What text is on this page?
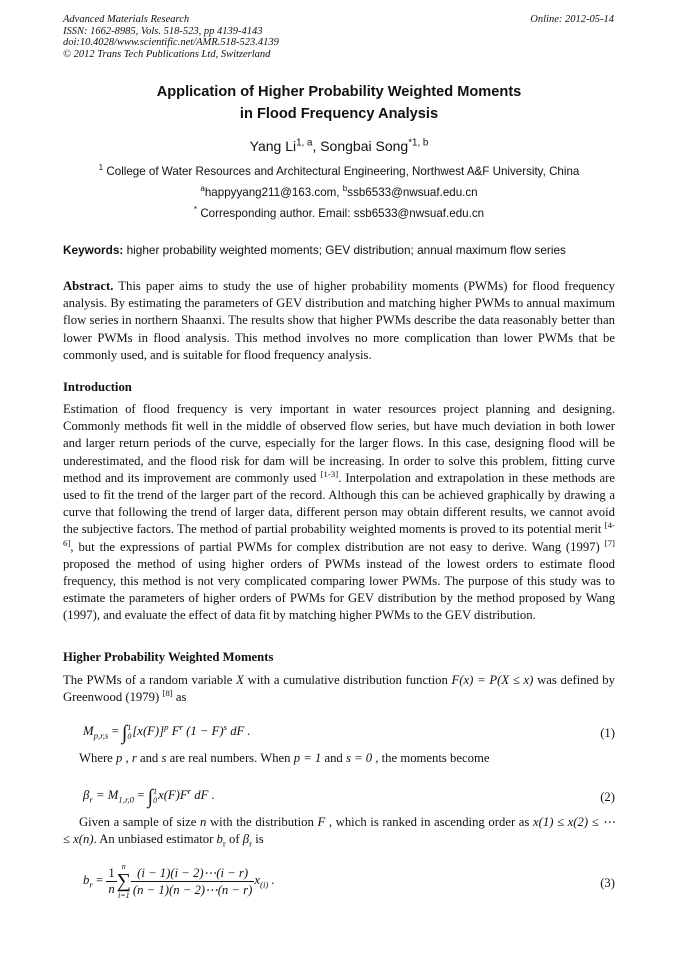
Advanced Materials Research
ISSN: 1662-8985, Vols. 518-523, pp 4139-4143
doi:10.4028/www.scientific.net/AMR.518-523.4139
© 2012 Trans Tech Publications Ltd, Switzerland
Online: 2012-05-14
Application of Higher Probability Weighted Moments
in Flood Frequency Analysis
Yang Li$^{1, a}$, Songbai Song$^{*1, b}$
$^1$ College of Water Resources and Architectural Engineering, Northwest A&F University, China
$^a$happyyang211@163.com, $^b$ssb6533@nwsuaf.edu.cn
* Corresponding author. Email: ssb6533@nwsuaf.edu.cn
Keywords: higher probability weighted moments; GEV distribution; annual maximum flow series
Abstract. This paper aims to study the use of higher probability moments (PWMs) for flood frequency analysis. By estimating the parameters of GEV distribution and matching higher PWMs to annual maximum flow series in northern Shaanxi. The results show that higher PWMs describe the data reasonably better than lower PWMs in flood analysis. This method involves no more complication than lower PWMs that be commonly used, and is suitable for flood frequency analysis.
Introduction
Estimation of flood frequency is very important in water resources project planning and designing. Commonly methods fit well in the middle of observed flow series, but have much deviation in both lower and larger return periods of the curve, especially for the larger flows. In this case, designing flood will be underestimated, and the flood risk for dam will be increasing. In order to solve this problem, fitting curve method and its improvement are commonly used [1-3]. Interpolation and extrapolation in these methods are used to fit the trend of the larger part of the record. Although this can be achieved graphically by drawing a curve that following the trend of larger data, different person may obtain different results, we cannot avoid the subjective factors. The method of partial probability weighted moments is proved to its potential merit [4-6], but the expressions of partial PWMs for complex distribution are not easy to derive. Wang (1997) [7] proposed the method of using higher orders of PWMs instead of the lowest orders to estimate flood frequency, this method is not very complicated comparing lower PWMs. The purpose of this study was to estimate the parameters of higher orders of PWMs for GEV distribution by the method proposed by Wang (1997), and evaluate the effect of data fit by matching higher PWMs to the GEV distribution.
Higher Probability Weighted Moments
The PWMs of a random variable X with a cumulative distribution function F(x) = P(X ≤ x) was defined by Greenwood (1979) [8] as
$M_{p,r,s} = \int 1$
$0[x(F)]^p$ $F^r$ $(1 - F)^s$ dF .	(1)
Where p , r and s are real numbers. When p = 1 and s = 0 , the moments become
$\beta_r = M_{1,r,0} = \int 1$
$0x(F)F^r$ dF .	(2)
Given a sample of size n with the distribution F , which is ranked in ascending order as x(1) ≤ x(2) ≤ ⋯ ≤ x(n). An unbiased estimator $b_r$ of $\beta_r$ is
$b_r = \frac{1}{n}$ n
∑
$i=1 \frac{(i - 1)(i - 2)\cdots(i - r)}{(n - 1)(n - 2)\cdots(n - r)} x_{(i)}$ .	(3)
